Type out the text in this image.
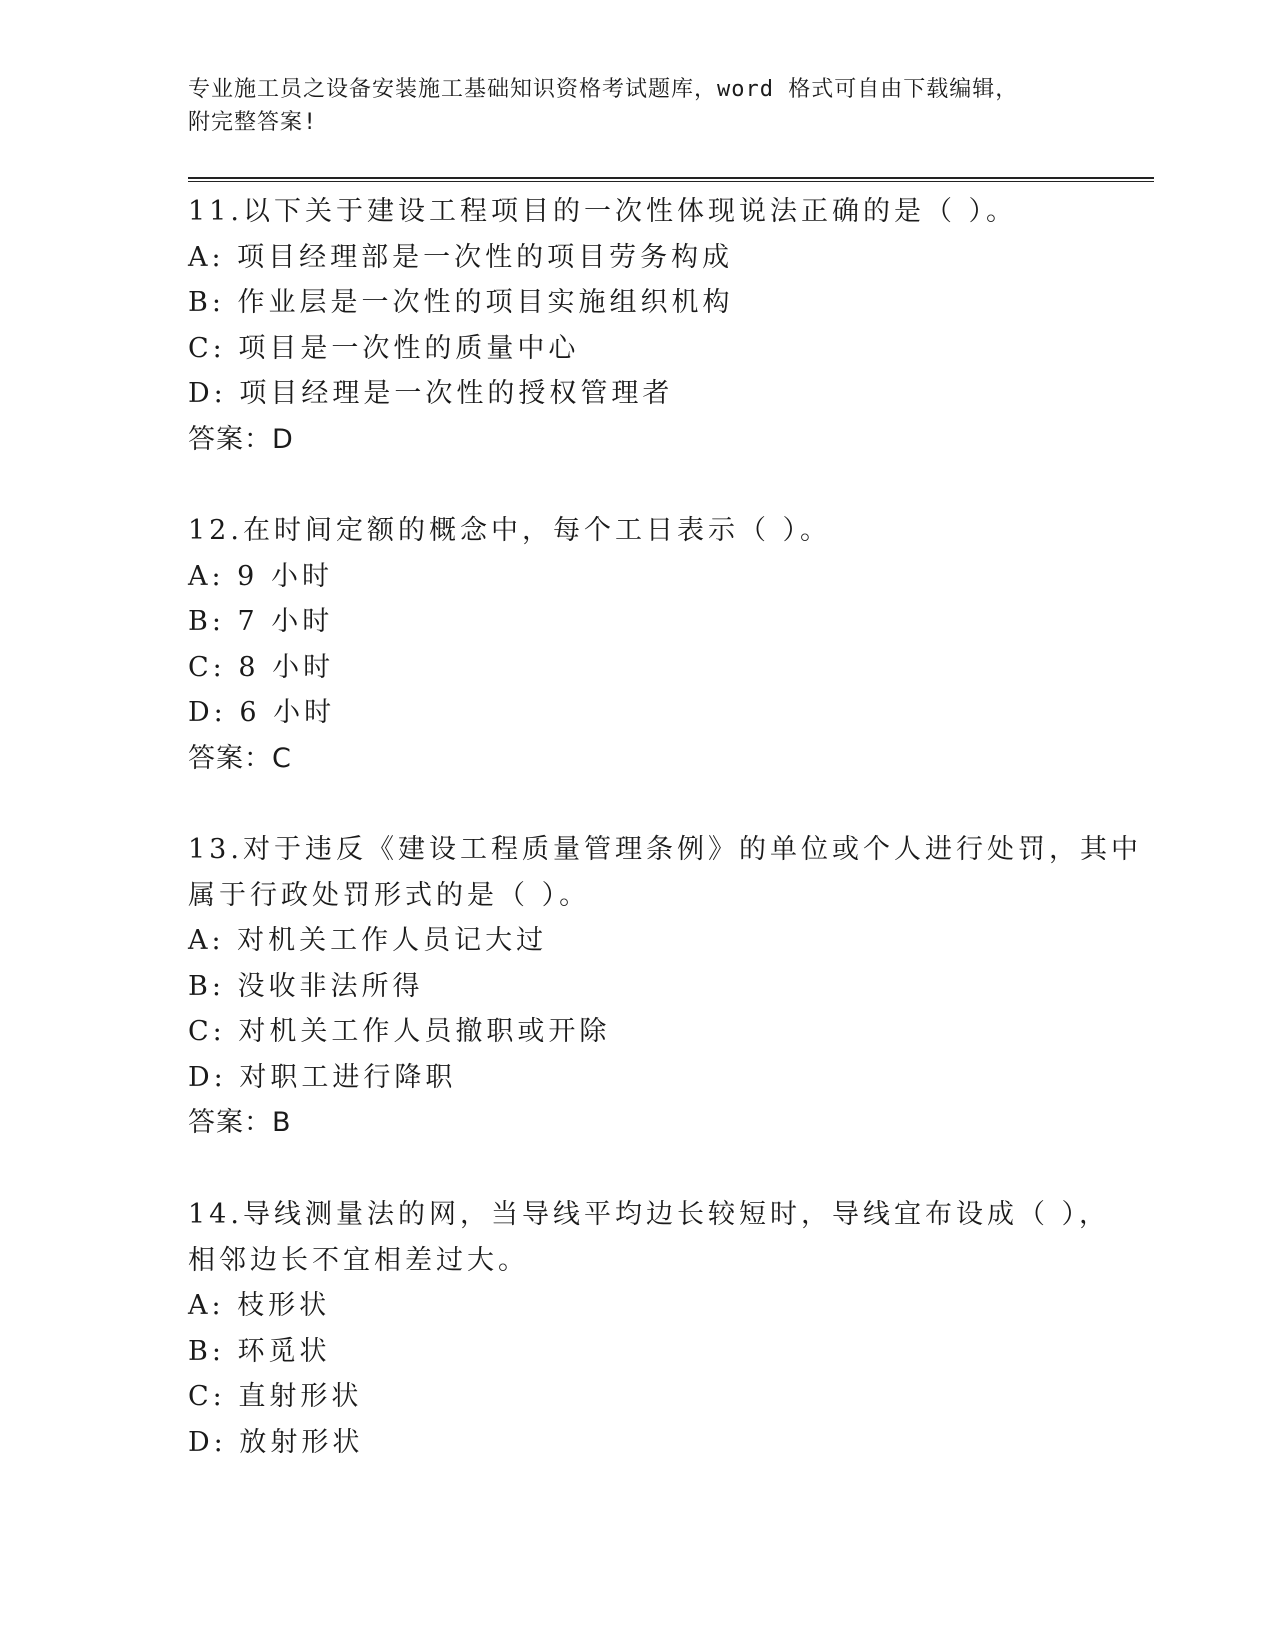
专业施工员之设备安装施工基础知识资格考试题库，word 格式可自由下载编辑，
附完整答案!
11.以下关于建设工程项目的一次性体现说法正确的是（ ）。
A: 项目经理部是一次性的项目劳务构成
B: 作业层是一次性的项目实施组织机构
C: 项目是一次性的质量中心
D: 项目经理是一次性的授权管理者
答案：D
12.在时间定额的概念中，每个工日表示（ ）。
A: 9 小时
B: 7 小时
C: 8 小时
D: 6 小时
答案：C
13.对于违反《建设工程质量管理条例》的单位或个人进行处罚，其中
属于行政处罚形式的是（ ）。
A: 对机关工作人员记大过
B: 没收非法所得
C: 对机关工作人员撤职或开除
D: 对职工进行降职
答案：B
14.导线测量法的网，当导线平均边长较短时，导线宜布设成（ ），
相邻边长不宜相差过大。
A: 枝形状
B: 环觅状
C: 直射形状
D: 放射形状
